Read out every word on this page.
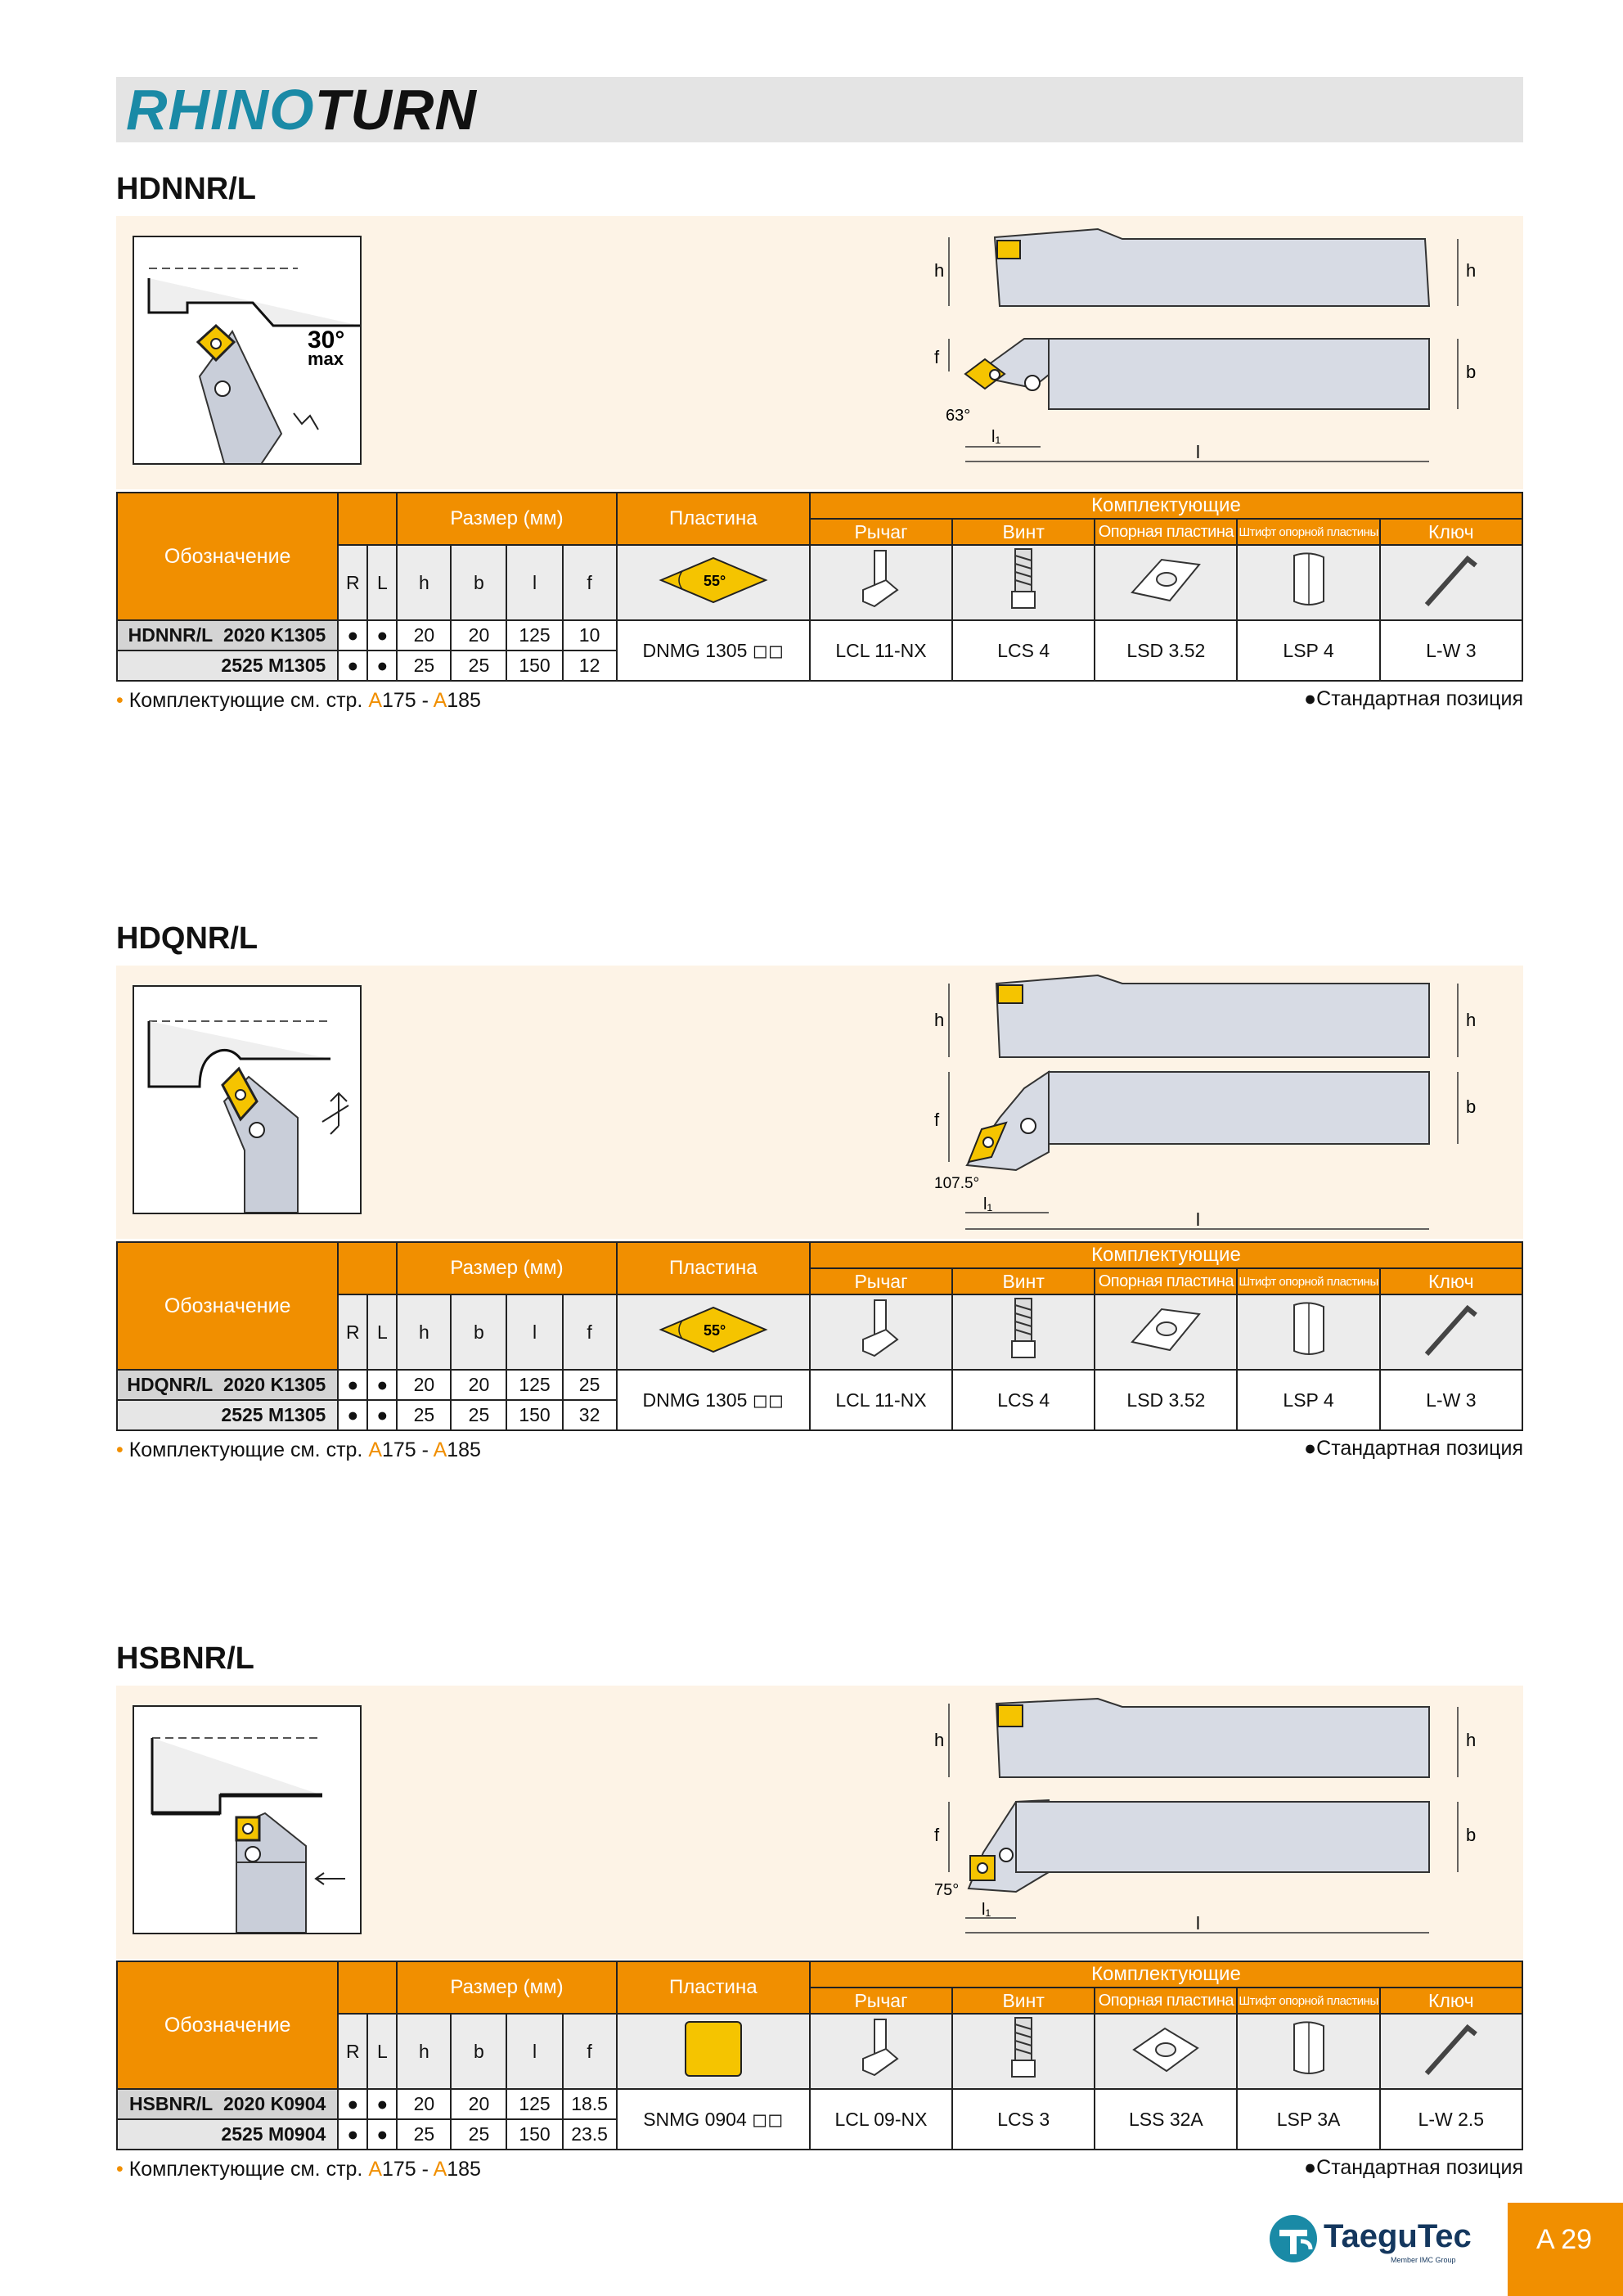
RHINOTURN
HDNNR/L
30°
max
h	h
f
b
l₁
l
63°
Обозначение			Размер (мм)				Пластина	Комплектующие				
								Рычаг	Винт	Опорная пластина	Штифт опорной пластины	Ключ
	R	L	h	b	l	f	55°

HDNNR/L 2020 K1305	●	●	20	20	125	10	DNMG 1305 ◻◻	LCL 11-NX	LCS 4	LSD 3.52	LSP 4	L-W 3
2525 M1305	●	●	25	25	150	12						
• Комплектующие см. стр. A175 - A185	●Стандартная позиция
HDQNR/L
h	h
f
b
l₁
l
107.5°
Обозначение			Размер (мм)				Пластина	Комплектующие				
								Рычаг	Винт	Опорная пластина	Штифт опорной пластины	Ключ
	R	L	h	b	l	f	55°

HDQNR/L 2020 K1305	●	●	20	20	125	25	DNMG 1305 ◻◻	LCL 11-NX	LCS 4	LSD 3.52	LSP 4	L-W 3
2525 M1305	●	●	25	25	150	32						
• Комплектующие см. стр. A175 - A185	●Стандартная позиция
HSBNR/L
h	h
f	b
l₁
l
75°
Обозначение			Размер (мм)				Пластина	Комплектующие				
								Рычаг	Винт	Опорная пластина	Штифт опорной пластины	Ключ
	R	L	h	b	l	f						
HSBNR/L 2020 K0904	●	●	20	20	125	18.5	SNMG 0904 ◻◻	LCL 09-NX	LCS 3	LSS 32A	LSP 3A	L-W 2.5
2525 M0904	●	●	25	25	150	23.5						
• Комплектующие см. стр. A175 - A185	●Стандартная позиция
TaeguTec
Member IMC Group
A 29
